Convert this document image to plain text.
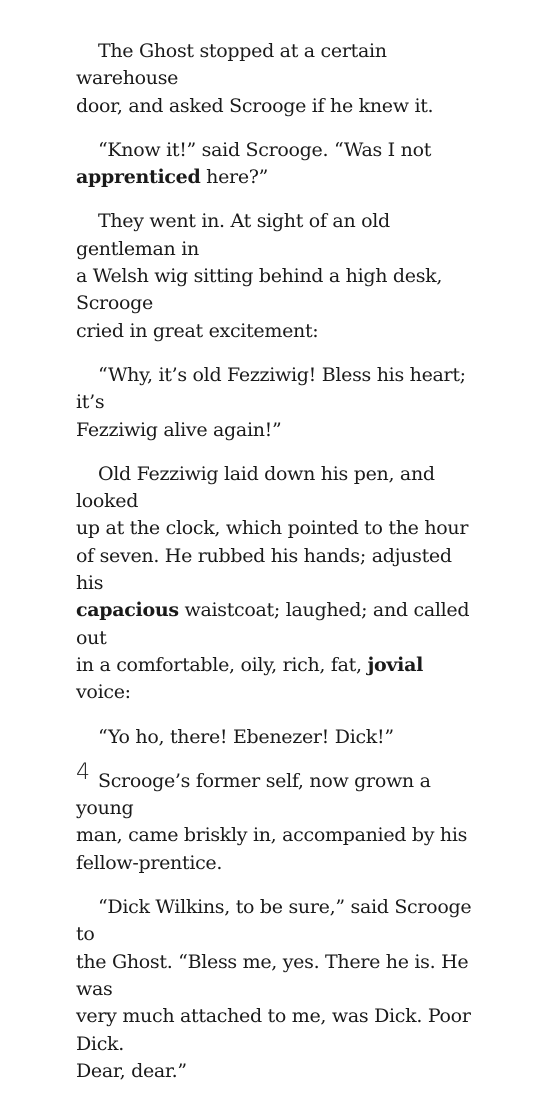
The Ghost stopped at a certain warehouse
door, and asked Scrooge if he knew it.

“Know it!” said Scrooge. “Was I not
apprenticed here?”

They went in. At sight of an old gentleman in
a Welsh wig sitting behind a high desk, Scrooge
cried in great excitement:

“Why, it’s old Fezziwig! Bless his heart; it’s
Fezziwig alive again!”

Old Fezziwig laid down his pen, and looked
up at the clock, which pointed to the hour
of seven. He rubbed his hands; adjusted his
capacious waistcoat; laughed; and called out
in a comfortable, oily, rich, fat, jovial voice:

“Yo ho, there! Ebenezer! Dick!”

Scrooge’s former self, now grown a young
man, came briskly in, accompanied by his
fellow-prentice.

“Dick Wilkins, to be sure,” said Scrooge to
the Ghost. “Bless me, yes. There he is. He was
very much attached to me, was Dick. Poor Dick.
Dear, dear.”

4
